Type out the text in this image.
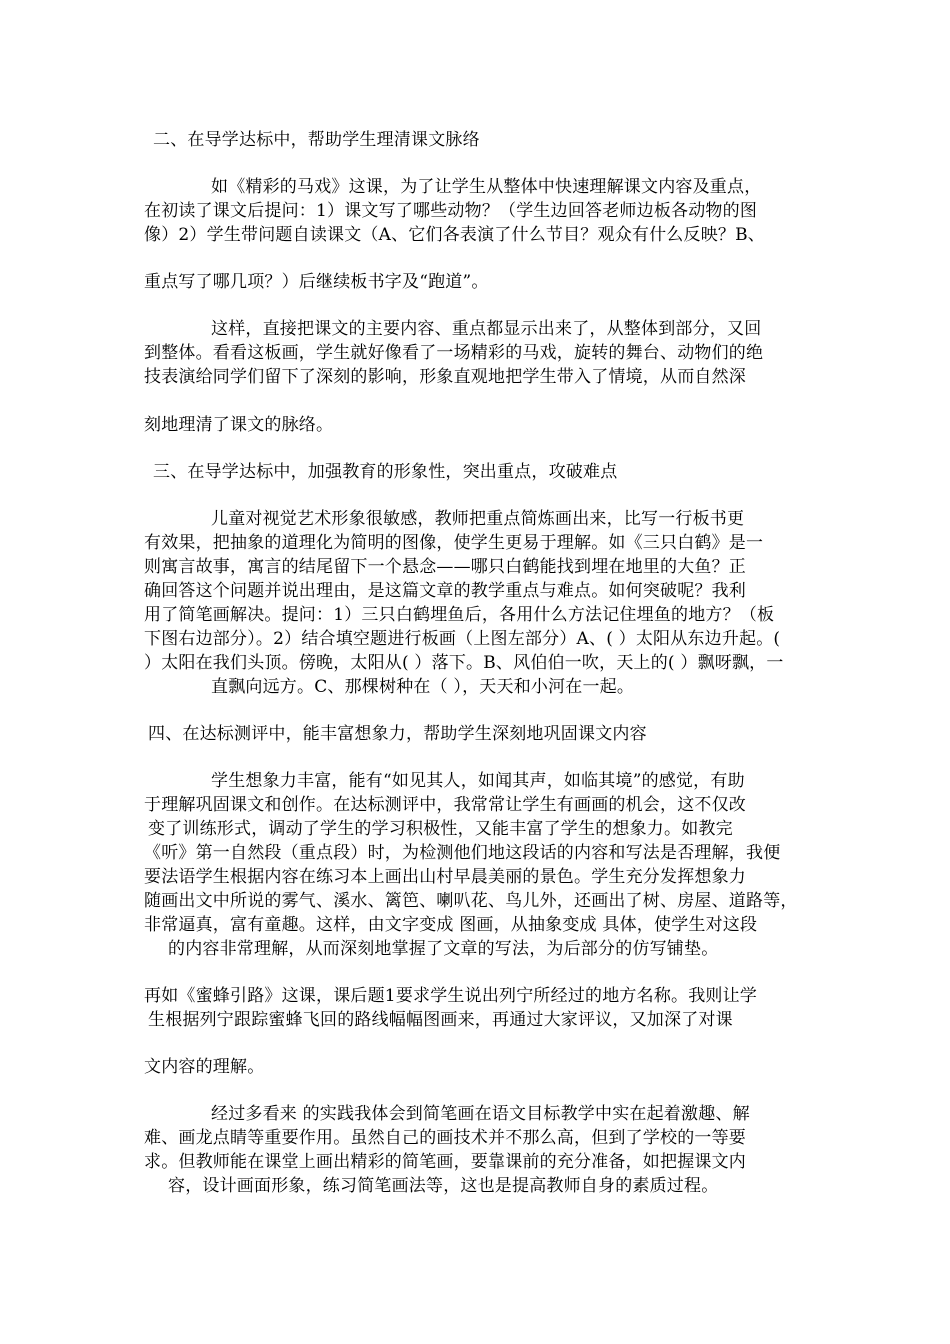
二、在导学达标中，帮助学生理清课文脉络
如《精彩的马戏》这课，为了让学生从整体中快速理解课文内容及重点，
在初读了课文后提问：1）课文写了哪些动物？（学生边回答老师边板各动物的图
像）2）学生带问题自读课文（A、它们各表演了什么节目？观众有什么反映？B、
重点写了哪几项？）后继续板书字及“跑道”。
这样，直接把课文的主要内容、重点都显示出来了，从整体到部分，又回
到整体。看看这板画，学生就好像看了一场精彩的马戏，旋转的舞台、动物们的绝
技表演给同学们留下了深刻的影响，形象直观地把学生带入了情境，从而自然深
刻地理清了课文的脉络。
三、在导学达标中，加强教育的形象性，突出重点，攻破难点
儿童对视觉艺术形象很敏感，教师把重点简炼画出来，比写一行板书更
有效果，把抽象的道理化为简明的图像，使学生更易于理解。如《三只白鹤》是一
则寓言故事，寓言的结尾留下一个悬念——哪只白鹤能找到埋在地里的大鱼？正
确回答这个问题并说出理由，是这篇文章的教学重点与难点。如何突破呢？我利
用了简笔画解决。提问：1）三只白鹤埋鱼后，各用什么方法记住埋鱼的地方？（板
下图右边部分）。2）结合填空题进行板画（上图左部分）A、( ）太阳从东边升起。(
）太阳在我们头顶。傍晚，太阳从( ）落下。B、风伯伯一吹，天上的( ）飘呀飘，一
直飘向远方。C、那棵树种在（ ），天天和小河在一起。
四、在达标测评中，能丰富想象力，帮助学生深刻地巩固课文内容
学生想象力丰富，能有“如见其人，如闻其声，如临其境”的感觉，有助
于理解巩固课文和创作。在达标测评中，我常常让学生有画画的机会，这不仅改
变了训练形式，调动了学生的学习积极性，又能丰富了学生的想象力。如教完
《听》第一自然段（重点段）时，为检测他们地这段话的内容和写法是否理解，我便
要法语学生根据内容在练习本上画出山村早晨美丽的景色。学生充分发挥想象力
随画出文中所说的雾气、溪水、篱笆、喇叭花、鸟儿外，还画出了树、房屋、道路等，
非常逼真，富有童趣。这样，由文字变成 图画，从抽象变成 具体，使学生对这段
的内容非常理解，从而深刻地掌握了文章的写法，为后部分的仿写铺垫。
再如《蜜蜂引路》这课，课后题1要求学生说出列宁所经过的地方名称。我则让学
生根据列宁跟踪蜜蜂飞回的路线幅幅图画来，再通过大家评议，又加深了对课
文内容的理解。
经过多看来 的实践我体会到简笔画在语文目标教学中实在起着激趣、解
难、画龙点睛等重要作用。虽然自己的画技术并不那么高，但到了学校的一等要
求。但教师能在课堂上画出精彩的简笔画，要靠课前的充分准备，如把握课文内
容，设计画面形象，练习简笔画法等，这也是提高教师自身的素质过程。
